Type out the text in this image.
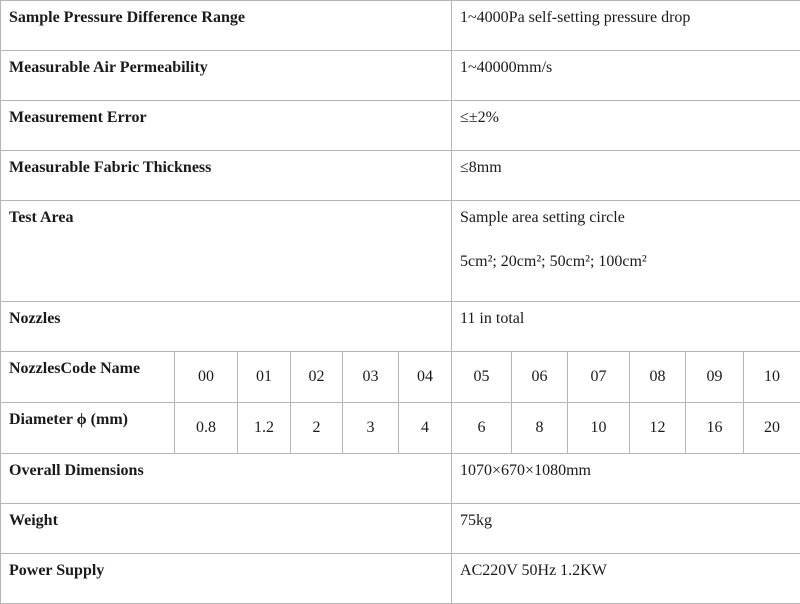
Sample Pressure Difference Range						1~4000Pa self-setting pressure drop					
Measurable Air Permeability						1~40000mm/s					
Measurement Error						≤±2%					
Measurable Fabric Thickness						≤8mm					
Test Area						Sample area setting circle
5cm²; 20cm²; 50cm²; 100cm²					

Nozzles						11 in total					
NozzlesCode Name	00	01	02	03	04	05	06	07	08	09	10
Diameter ϕ (mm)	0.8	1.2	2	3	4	6	8	10	12	16	20
Overall Dimensions						1070×670×1080mm					
Weight						75kg					
Power Supply						AC220V 50Hz 1.2KW					
